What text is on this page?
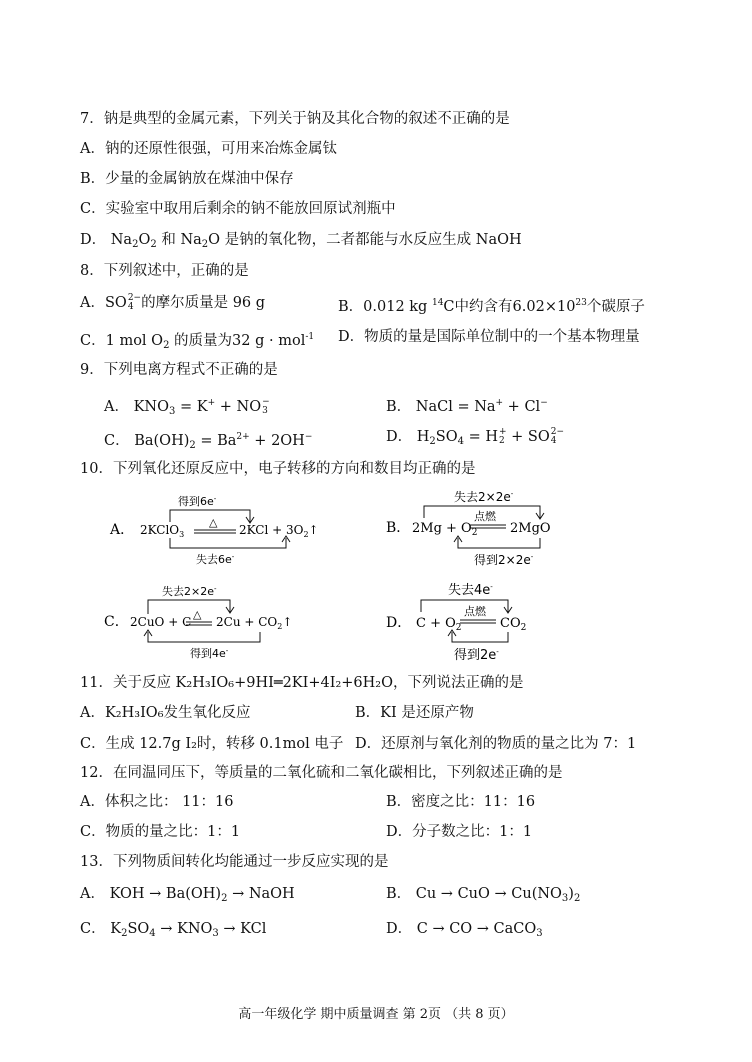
7．钠是典型的金属元素，下列关于钠及其化合物的叙述不正确的是
A．钠的还原性很强，可用来冶炼金属钛
B．少量的金属钠放在煤油中保存
C．实验室中取用后剩余的钠不能放回原试剂瓶中
D． $Na_2O_2$ 和 $Na_2O$ 是钠的氧化物，二者都能与水反应生成 NaOH
8．下列叙述中，正确的是
A．SO 2−
4 的摩尔质量是 96 g	B．0.012 kg $^{14}$C中约含有$6.02\times 10^{23}$个碳原子
C．1 mol $O_2$ 的质量为32 g · mol$^{-1}$ D．物质的量是国际单位制中的一个基本物理量
9．下列电离方程式不正确的是
A． $KNO_3 = K^+$ + NO −
3	B． NaCl = Na+ + Cl−
C． $Ba(OH)_2 = Ba^{2+} + 2OH^-$	D． $H_2SO_4 = H$ +
2 + SO 2−
4
10．下列氧化还原反应中，电子转移的方向和数目均正确的是
A． 2KClO$_3$
△
$2KCl + 3O_2↑$
得到6e-
失去6e-
B． $2Mg + O_2$
点燃
2MgO
失去2×2e-
得到2×2e-
C． 2CuO + C
△
$2Cu + CO_2↑$
失去2×2e-
得到4e-
D． $C + O_2$
点燃
$CO_2$
失去4e-
得到2e-
11．关于反应 K₂H₃IO₆+9HI═2KI+4I₂+6H₂O，下列说法正确的是
A．K₂H₃IO₆发生氧化反应	B．KI 是还原产物
C．生成 12.7g I₂时，转移 0.1mol 电子 D．还原剂与氧化剂的物质的量之比为 7：1
12．在同温同压下，等质量的二氧化硫和二氧化碳相比，下列叙述正确的是
A．体积之比： 11：16	B．密度之比：11：16
C．物质的量之比：1：1	D．分子数之比：1：1
13．下列物质间转化均能通过一步反应实现的是
A． KOH → $Ba(OH)_2$ → NaOH	B． Cu → CuO → $Cu(NO_3)_2$
C． $K_2SO_4 \to KNO_3$ → KCl	D． C → CO → CaCO$_3$
高一年级化学 期中质量调查 第 2页 （共 8 页）
